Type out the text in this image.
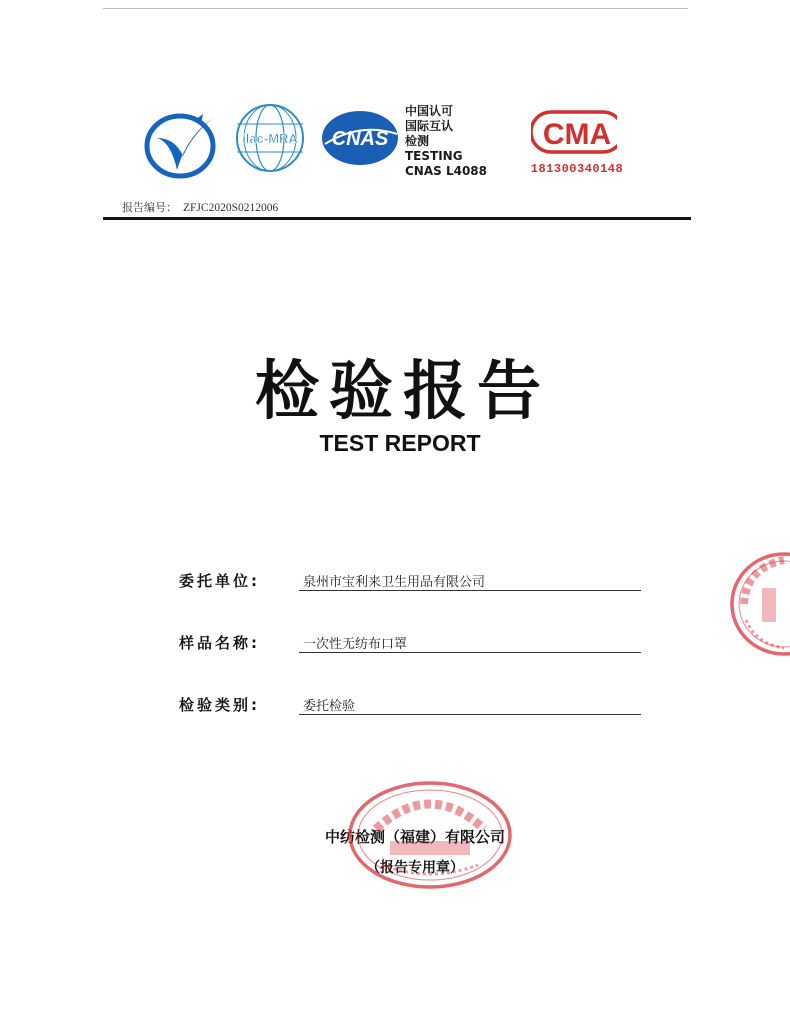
ilac-MRA CNAS
中国认可
国际互认
检测
TESTING
CNAS L4088
CMA
181300340148
报告编号： ZFJC2020S0212006
检验报告
TEST REPORT
委托单位:	泉州市宝利来卫生用品有限公司
样品名称:	一次性无纺布口罩
检验类别:	委托检验
中纺检测（福建）有限公司
（报告专用章）
